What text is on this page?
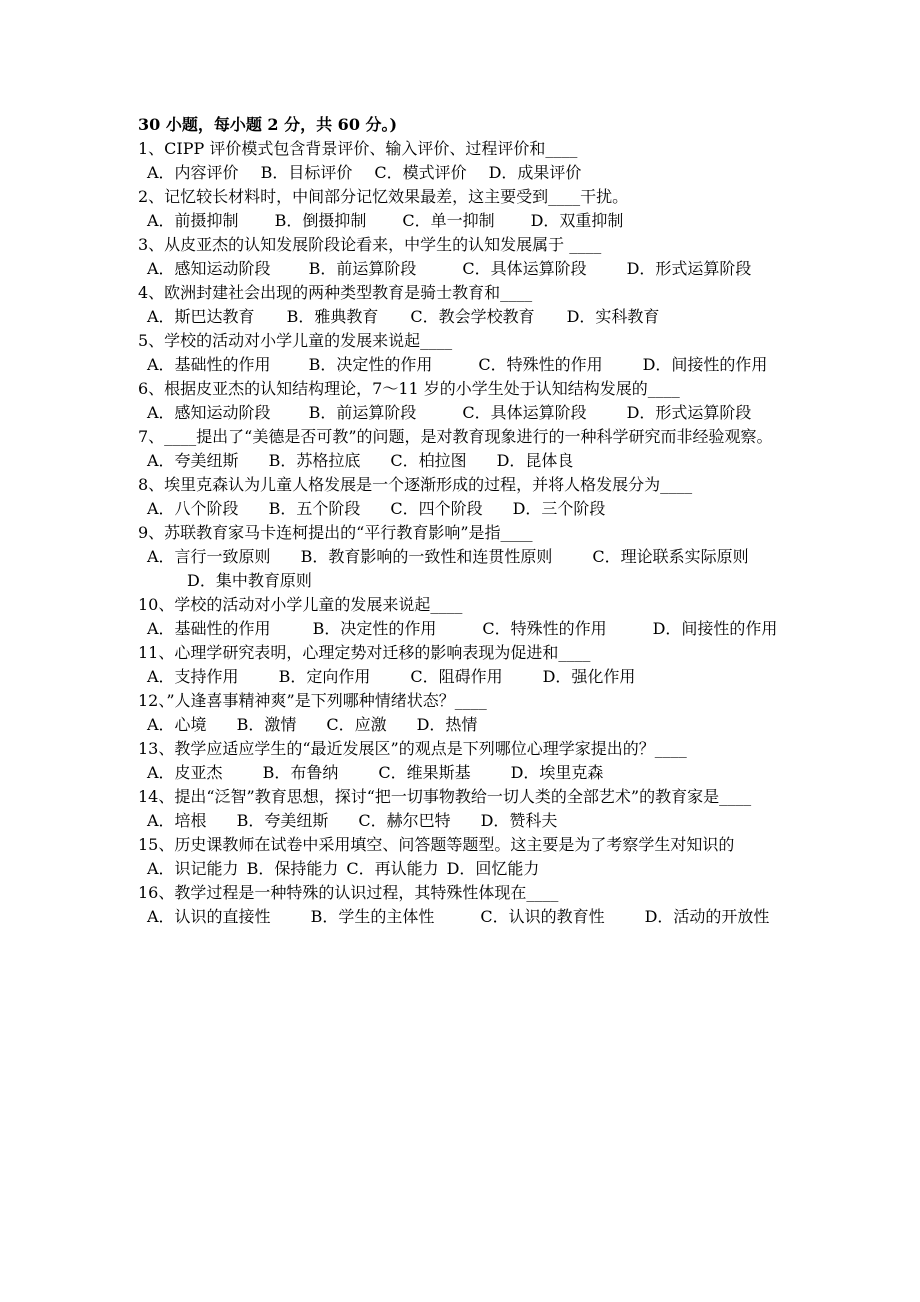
30 小题，每小题 2 分，共 60 分。)

1、CIPP 评价模式包含背景评价、输入评价、过程评价和____

A．内容评价 B．目标评价 C．模式评价 D．成果评价

2、记忆较长材料时，中间部分记忆效果最差，这主要受到____干扰。

A．前摄抑制 B．倒摄抑制 C．单一抑制 D．双重抑制

3、从皮亚杰的认知发展阶段论看来，中学生的认知发展属于 ____

A．感知运动阶段 B．前运算阶段	C．具体运算阶段	D．形式运算阶段

4、欧洲封建社会出现的两种类型教育是骑士教育和____

A．斯巴达教育 B．雅典教育 C．教会学校教育 D．实科教育

5、学校的活动对小学儿童的发展来说起____

A．基础性的作用 B．决定性的作用	C．特殊性的作用	D．间接性的作用

6、根据皮亚杰的认知结构理论，7～11 岁的小学生处于认知结构发展的____

A．感知运动阶段 B．前运算阶段	C．具体运算阶段	D．形式运算阶段

7、____提出了“美德是否可教”的问题，是对教育现象进行的一种科学研究而非经验观察。

A．夸美纽斯 B．苏格拉底 C．柏拉图 D．昆体良

8、埃里克森认为儿童人格发展是一个逐渐形成的过程，并将人格发展分为____

A．八个阶段 B．五个阶段 C．四个阶段 D．三个阶段

9、苏联教育家马卡连柯提出的“平行教育影响”是指____

A．言行一致原则 B．教育影响的一致性和连贯性原则	C．理论联系实际原则D．集中教育原则

10、学校的活动对小学儿童的发展来说起____

A．基础性的作用	B．决定性的作用	C．特殊性的作用	D．间接性的作用

11、心理学研究表明，心理定势对迁移的影响表现为促进和____

A．支持作用	B．定向作用	C．阻碍作用	D．强化作用

12、”人逢喜事精神爽”是下列哪种情绪状态？____

A．心境 B．激情 C．应激 D．热情

13、教学应适应学生的“最近发展区”的观点是下列哪位心理学家提出的？____

A．皮亚杰	B．布鲁纳	C．维果斯基	D．埃里克森

14、提出“泛智”教育思想，探讨“把一切事物教给一切人类的全部艺术”的教育家是____

A．培根 B．夸美纽斯 C．赫尔巴特 D．赞科夫

15、历史课教师在试卷中采用填空、问答题等题型。这主要是为了考察学生对知识的

A．识记能力 B．保持能力 C．再认能力 D．回忆能力

16、教学过程是一种特殊的认识过程，其特殊性体现在____

A．认识的直接性	B．学生的主体性	C．认识的教育性	D．活动的开放性
